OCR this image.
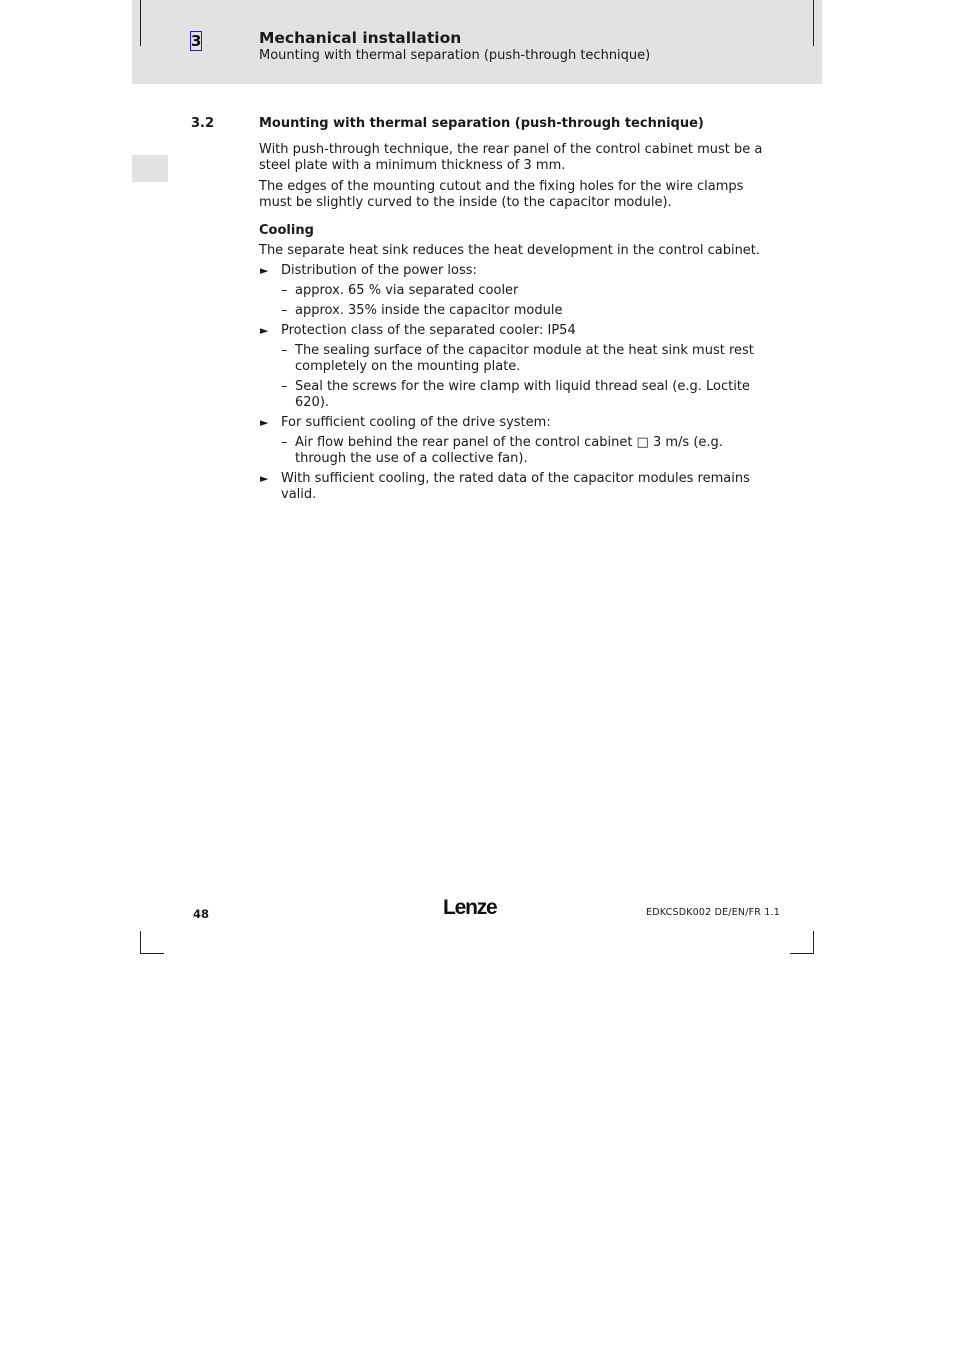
3	Mechanical installation
Mounting with thermal separation (push-through technique)
3.2	Mounting with thermal separation (push-through technique)

With push-through technique, the rear panel of the control cabinet must be a steel plate with a minimum thickness of 3 mm.

The edges of the mounting cutout and the fixing holes for the wire clamps must be slightly curved to the inside (to the capacitor module).

Cooling

The separate heat sink reduces the heat development in the control cabinet.

► Distribution of the power loss:
– approx. 65 % via separated cooler
– approx. 35% inside the capacitor module
► Protection class of the separated cooler: IP54
– The sealing surface of the capacitor module at the heat sink must rest completely on the mounting plate.
– Seal the screws for the wire clamp with liquid thread seal (e.g. Loctite 620).
► For sufficient cooling of the drive system:
– Air flow behind the rear panel of the control cabinet □ 3 m/s (e.g. through the use of a collective fan).
► With sufficient cooling, the rated data of the capacitor modules remains valid.
48	Lenze	EDKCSDK002 DE/EN/FR 1.1
